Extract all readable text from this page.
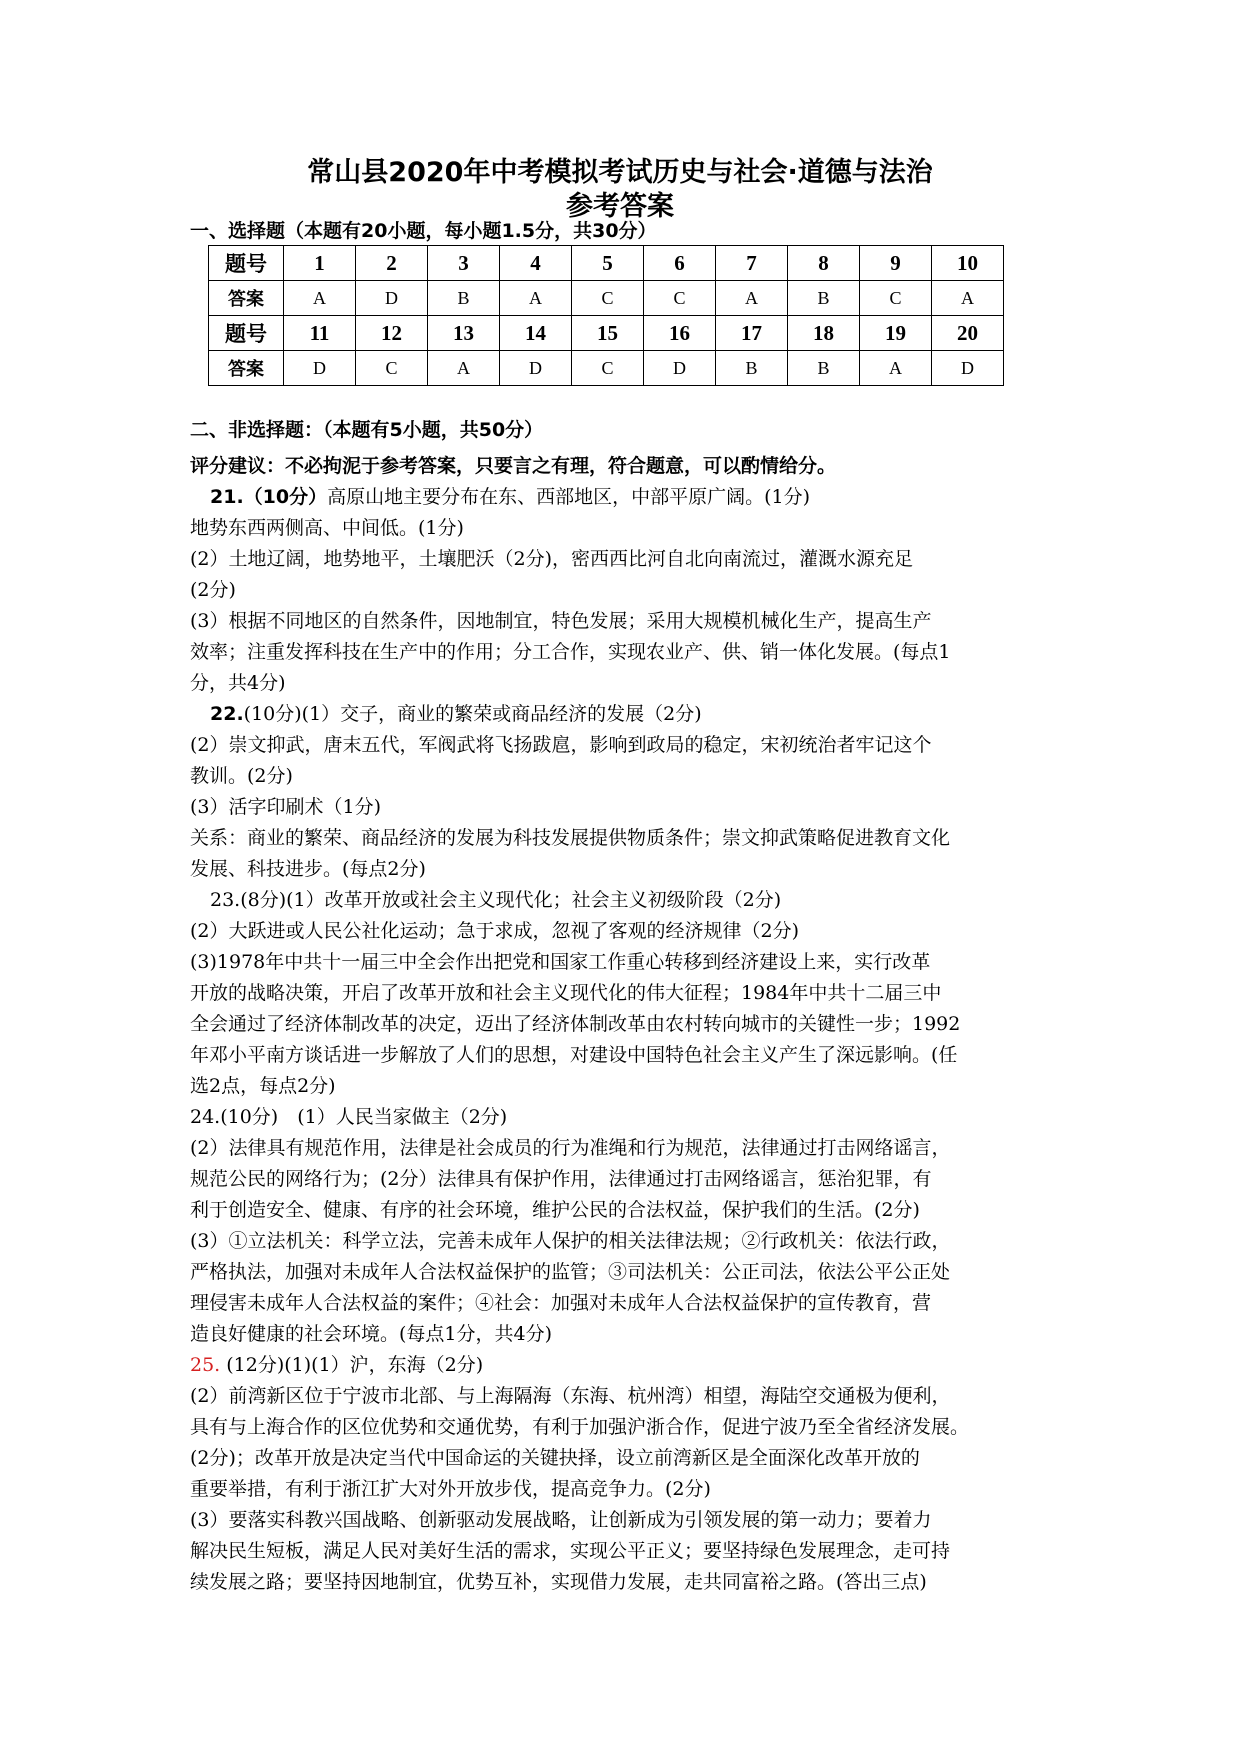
常山县2020年中考模拟考试历史与社会·道德与法治
参考答案
一、选择题（本题有20小题，每小题1.5分，共30分）
题号	1	2	3	4	5	6	7	8	9	10
答案	A	D	B	A	C	C	A	B	C	A
题号	11	12	13	14	15	16	17	18	19	20
答案	D	C	A	D	C	D	B	B	A	D
二、非选择题：（本题有5小题，共50分）
评分建议：不必拘泥于参考答案，只要言之有理，符合题意，可以酌情给分。
21.（10分）高原山地主要分布在东、西部地区，中部平原广阔。(1分)
地势东西两侧高、中间低。(1分)
(2）土地辽阔，地势地平，土壤肥沃（2分)，密西西比河自北向南流过，灌溉水源充足
(2分)
(3）根据不同地区的自然条件，因地制宜，特色发展；采用大规模机械化生产，提高生产
效率；注重发挥科技在生产中的作用；分工合作，实现农业产、供、销一体化发展。(每点1
分，共4分)
22.(10分)(1）交子，商业的繁荣或商品经济的发展（2分)
(2）崇文抑武，唐末五代，军阀武将飞扬跋扈，影响到政局的稳定，宋初统治者牢记这个
教训。(2分)
(3）活字印刷术（1分)
关系：商业的繁荣、商品经济的发展为科技发展提供物质条件；崇文抑武策略促进教育文化
发展、科技进步。(每点2分)
23.(8分)(1）改革开放或社会主义现代化；社会主义初级阶段（2分)
(2）大跃进或人民公社化运动；急于求成，忽视了客观的经济规律（2分)
(3)1978年中共十一届三中全会作出把党和国家工作重心转移到经济建设上来，实行改革
开放的战略决策，开启了改革开放和社会主义现代化的伟大征程；1984年中共十二届三中
全会通过了经济体制改革的决定，迈出了经济体制改革由农村转向城市的关键性一步；1992
年邓小平南方谈话进一步解放了人们的思想，对建设中国特色社会主义产生了深远影响。(任
选2点，每点2分)
24.(10分)　(1）人民当家做主（2分)
(2）法律具有规范作用，法律是社会成员的行为准绳和行为规范，法律通过打击网络谣言，
规范公民的网络行为；(2分）法律具有保护作用，法律通过打击网络谣言，惩治犯罪，有
利于创造安全、健康、有序的社会环境，维护公民的合法权益，保护我们的生活。(2分)
(3）①立法机关：科学立法，完善未成年人保护的相关法律法规；②行政机关：依法行政，
严格执法，加强对未成年人合法权益保护的监管；③司法机关：公正司法，依法公平公正处
理侵害未成年人合法权益的案件；④社会：加强对未成年人合法权益保护的宣传教育，营
造良好健康的社会环境。(每点1分，共4分)
25. (12分)(1)(1）沪，东海（2分)
(2）前湾新区位于宁波市北部、与上海隔海（东海、杭州湾）相望，海陆空交通极为便利，
具有与上海合作的区位优势和交通优势，有利于加强沪浙合作，促进宁波乃至全省经济发展。
(2分)；改革开放是决定当代中国命运的关键抉择，设立前湾新区是全面深化改革开放的
重要举措，有利于浙江扩大对外开放步伐，提高竞争力。(2分)
(3）要落实科教兴国战略、创新驱动发展战略，让创新成为引领发展的第一动力；要着力
解决民生短板，满足人民对美好生活的需求，实现公平正义；要坚持绿色发展理念，走可持
续发展之路；要坚持因地制宜，优势互补，实现借力发展，走共同富裕之路。(答出三点)
